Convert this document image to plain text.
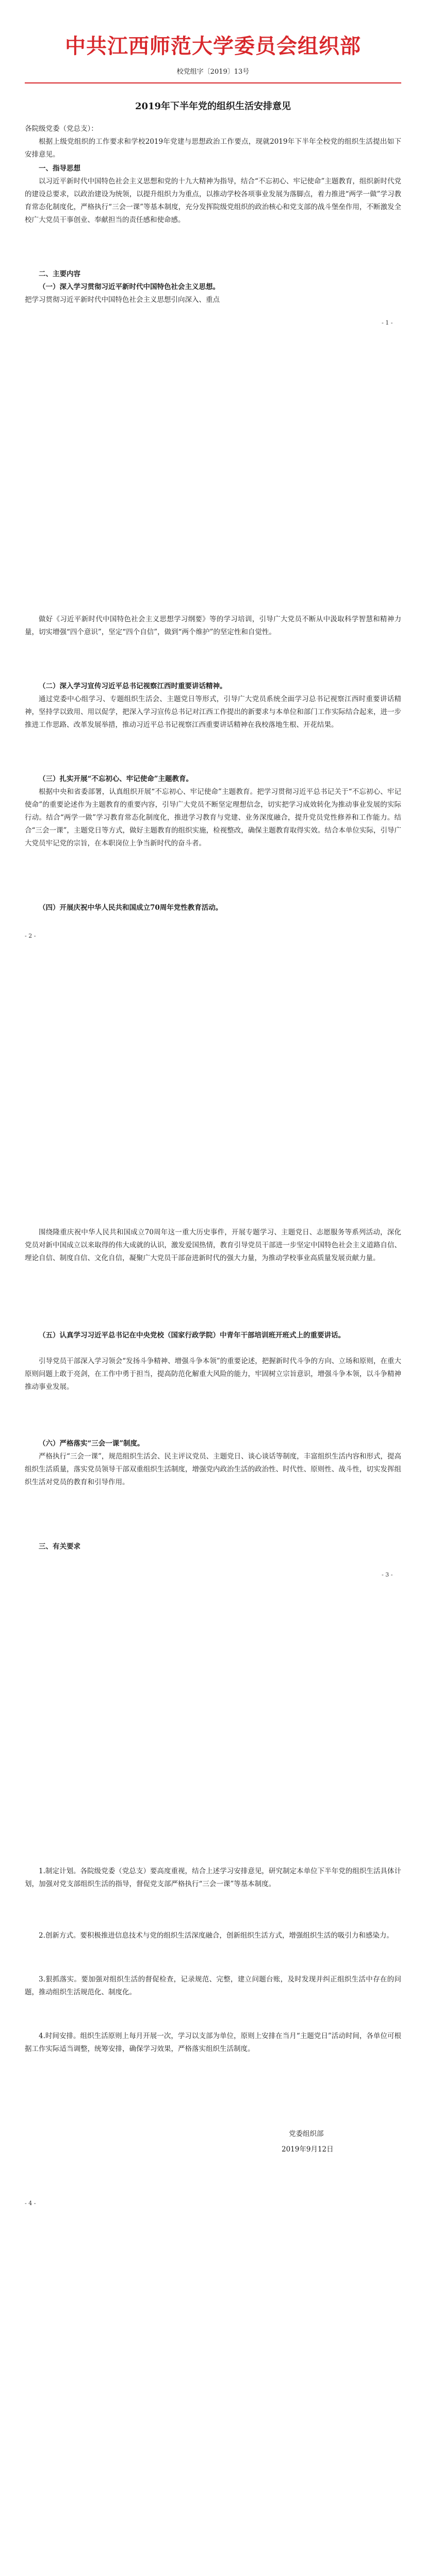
中共江西师范大学委员会组织部
校党组字〔2019〕13号
2019年下半年党的组织生活安排意见
各院级党委（党总支）：
根据上级党组织的工作要求和学校2019年党建与思想政治工作要点，现就2019年下半年全校党的组织生活提出如下安排意见。
一、指导思想
以习近平新时代中国特色社会主义思想和党的十九大精神为指导，结合“不忘初心、牢记使命”主题教育，组织新时代党的建设总要求，以政治建设为统领，以提升组织力为重点，以推动学校各项事业发展为落脚点，着力推进“两学一做”学习教育常态化制度化，严格执行“三会一课”等基本制度，充分发挥院级党组织的政治核心和党支部的战斗堡垒作用，不断激发全校广大党员干事创业、奉献担当的责任感和使命感。
二、主要内容
（一）深入学习贯彻习近平新时代中国特色社会主义思想。
把学习贯彻习近平新时代中国特色社会主义思想引向深入、重点
- 1 -
做好《习近平新时代中国特色社会主义思想学习纲要》等的学习培训，引导广大党员不断从中汲取科学智慧和精神力量，切实增强“四个意识”，坚定“四个自信”，做到“两个维护”的坚定性和自觉性。
（二）深入学习宣传习近平总书记视察江西时重要讲话精神。
通过党委中心组学习、专题组织生活会、主题党日等形式，引导广大党员系统全面学习总书记视察江西时重要讲话精神，坚持学以致用、用以促学，把深入学习宣传总书记对江西工作提出的新要求与本单位和部门工作实际结合起来，进一步推进工作思路、改革发展举措，推动习近平总书记视察江西重要讲话精神在我校落地生根、开花结果。
（三）扎实开展“不忘初心、牢记使命”主题教育。
根据中央和省委部署，认真组织开展“不忘初心、牢记使命”主题教育。把学习贯彻习近平总书记关于“不忘初心、牢记使命”的重要论述作为主题教育的重要内容，引导广大党员不断坚定理想信念，切实把学习成效转化为推动事业发展的实际行动。结合“两学一做”学习教育常态化制度化，推进学习教育与党建、业务深度融合，提升党员党性修养和工作能力。结合“三会一课”，主题党日等方式，做好主题教育的组织实施，检视整改，确保主题教育取得实效。结合本单位实际，引导广大党员牢记党的宗旨，在本职岗位上争当新时代的奋斗者。
（四）开展庆祝中华人民共和国成立70周年党性教育活动。
- 2 -
围绕隆重庆祝中华人民共和国成立70周年这一重大历史事件，开展专题学习、主题党日、志愿服务等系列活动，深化党员对新中国成立以来取得的伟大成就的认识，激发爱国热情，教育引导党员干部进一步坚定中国特色社会主义道路自信、理论自信、制度自信、文化自信，凝聚广大党员干部奋进新时代的强大力量，为推动学校事业高质量发展贡献力量。
（五）认真学习习近平总书记在中央党校（国家行政学院）中青年干部培训班开班式上的重要讲话。
引导党员干部深入学习领会“发扬斗争精神、增强斗争本领”的重要论述，把握新时代斗争的方向、立场和原则，在重大原则问题上敢于亮剑，在工作中勇于担当，提高防范化解重大风险的能力，牢固树立宗旨意识，增强斗争本领，以斗争精神推动事业发展。
（六）严格落实“三会一课”制度。
严格执行“三会一课”，规范组织生活会、民主评议党员、主题党日、谈心谈话等制度，丰富组织生活内容和形式，提高组织生活质量，落实党员领导干部双重组织生活制度，增强党内政治生活的政治性、时代性、原则性、战斗性，切实发挥组织生活对党员的教育和引导作用。
三、有关要求
- 3 -
1.制定计划。各院级党委（党总支）要高度重视，结合上述学习安排意见，研究制定本单位下半年党的组织生活具体计划，加强对党支部组织生活的指导，督促党支部严格执行“三会一课”等基本制度。
2.创新方式。要积极推进信息技术与党的组织生活深度融合，创新组织生活方式，增强组织生活的吸引力和感染力。
3.狠抓落实。要加强对组织生活的督促检查，记录规范、完整，建立问题台账，及时发现并纠正组织生活中存在的问题，推动组织生活规范化、制度化。
4.时间安排。组织生活原则上每月开展一次，学习以支部为单位，原则上安排在当月“主题党日”活动时间，各单位可根据工作实际适当调整，统筹安排，确保学习效果，严格落实组织生活制度。
党委组织部
2019年9月12日
- 4 -
